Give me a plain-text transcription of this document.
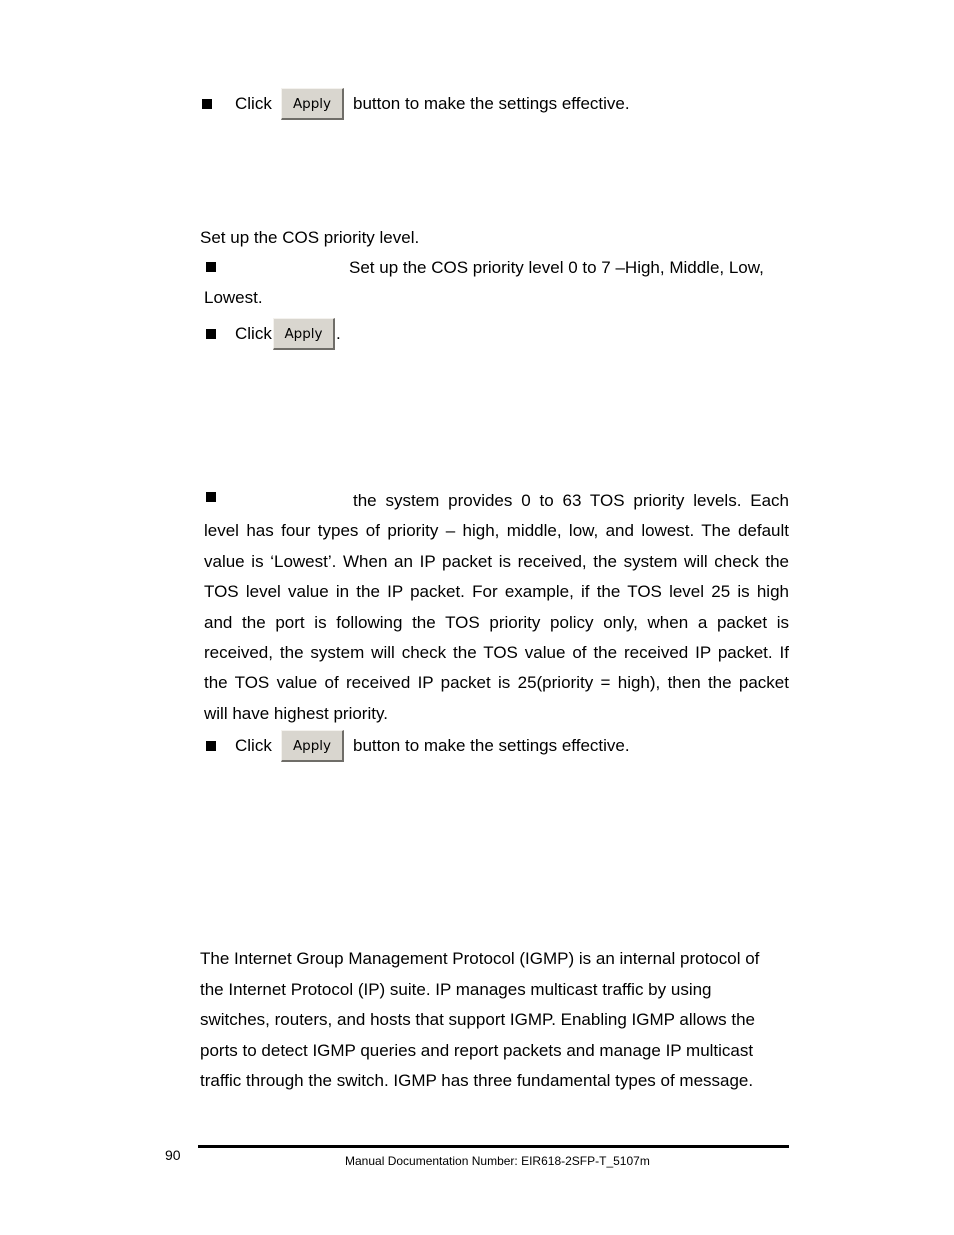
Click	Apply	button to make the settings effective.
Set up the COS priority level.
Set up the COS priority level 0 to 7 –High, Middle, Low,
Lowest.
Click Apply .
the system provides 0 to 63 TOS priority levels. Each
level has four types of priority – high, middle, low, and lowest. The default
value is ‘Lowest’. When an IP packet is received, the system will check the
TOS level value in the IP packet. For example, if the TOS level 25 is high
and the port is following the TOS priority policy only, when a packet is
received, the system will check the TOS value of the received IP packet. If
the TOS value of received IP packet is 25(priority = high), then the packet
will have highest priority.
Click	Apply	button to make the settings effective.
The Internet Group Management Protocol (IGMP) is an internal protocol of
the Internet Protocol (IP) suite. IP manages multicast traffic by using
switches, routers, and hosts that support IGMP. Enabling IGMP allows the
ports to detect IGMP queries and report packets and manage IP multicast
traffic through the switch. IGMP has three fundamental types of message.
90	Manual Documentation Number: EIR618-2SFP-T_5107m
